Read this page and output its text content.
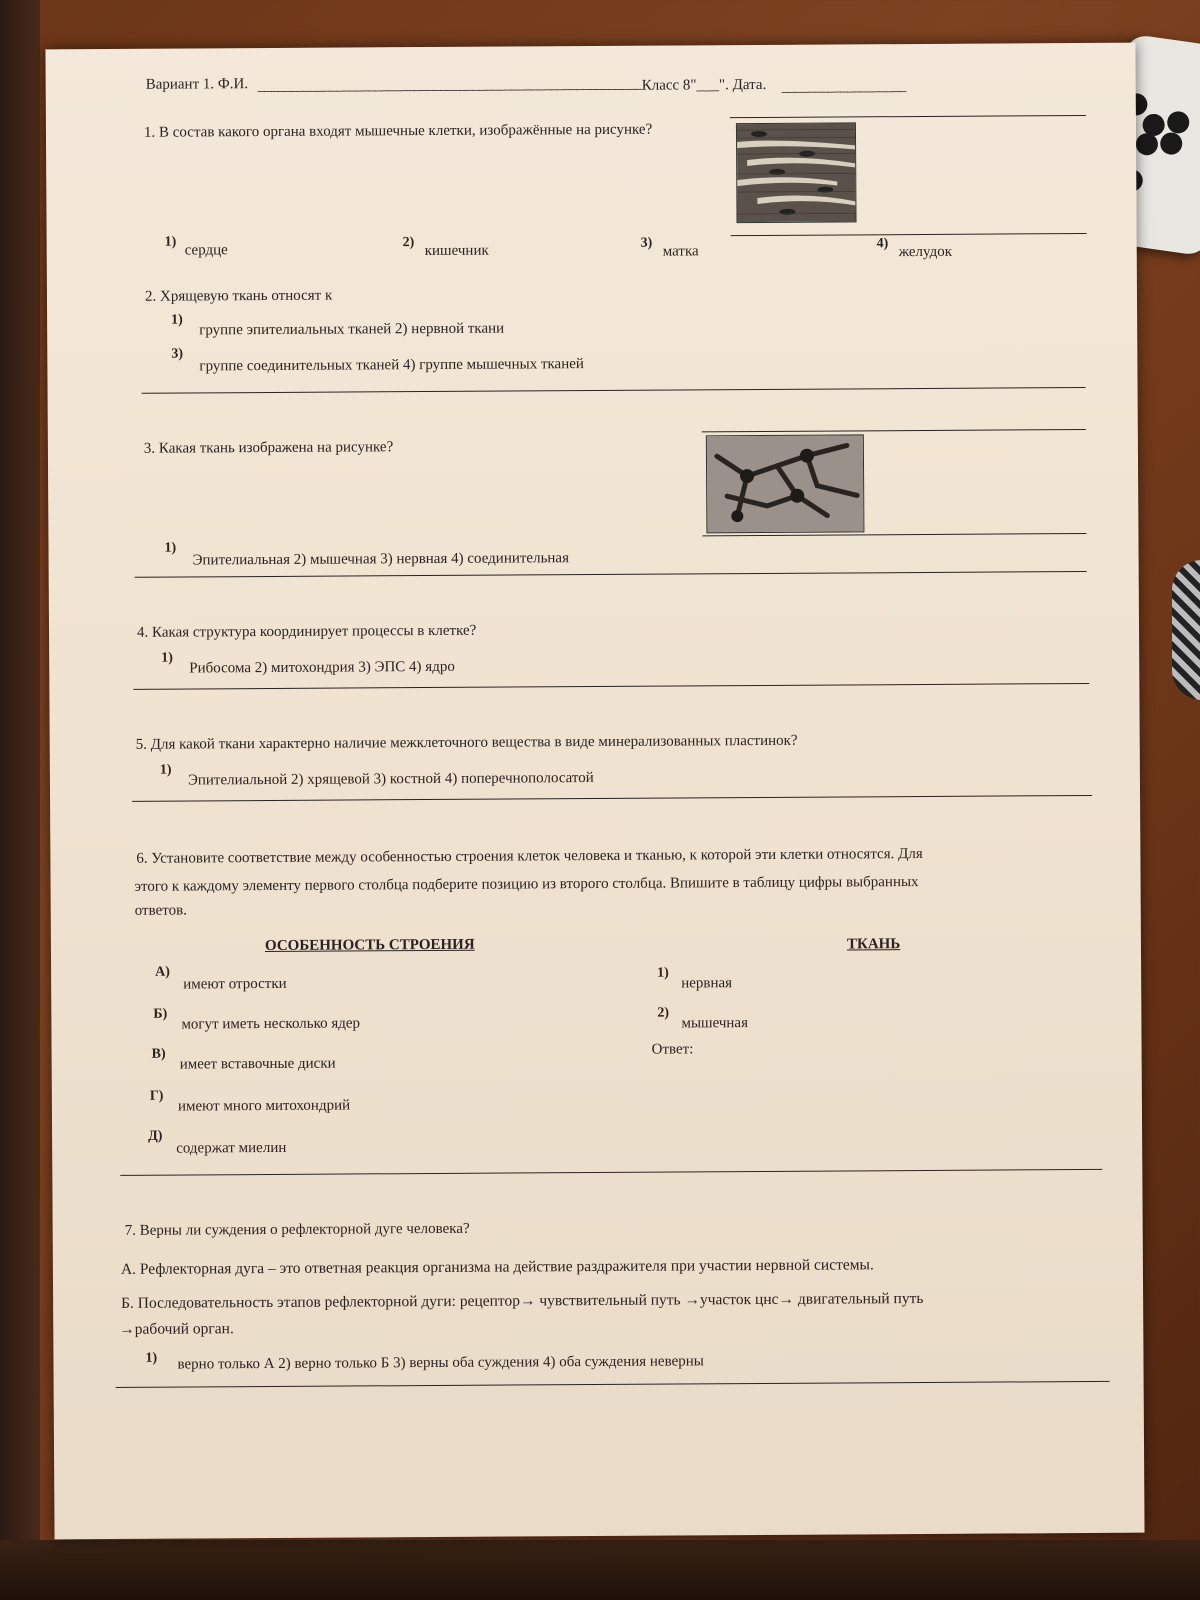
Вариант 1. Ф.И. ___________________________________________________________ Класс 8"___". Дата. ___________________
1. В состав какого органа входят мышечные клетки, изображённые на рисунке?
1)
сердце	2)
кишечник	3)
матка	4)
желудок
2. Хрящевую ткань относят к
1)
группе эпителиальных тканей 2) нервной ткани
3)
группе соединительных тканей 4) группе мышечных тканей
3. Какая ткань изображена на рисунке?
1)
Эпителиальная 2) мышечная 3) нервная 4) соединительная
4. Какая структура координирует процессы в клетке?
1)
Рибосома 2) митохондрия 3) ЭПС 4) ядро
5. Для какой ткани характерно наличие межклеточного вещества в виде минерализованных пластинок?
1) Эпителиальной 2) хрящевой 3) костной 4) поперечнополосатой
6. Установите соответствие между особенностью строения клеток человека и тканью, к которой эти клетки относятся. Для
этого к каждому элементу первого столбца подберите позицию из второго столбца. Впишите в таблицу цифры выбранных
ответов.
ОСОБЕННОСТЬ СТРОЕНИЯ	ТКАНЬ
А)
имеют отростки
Б)
могут иметь несколько ядер
В)
имеет вставочные диски
Г)
имеют много митохондрий
Д)
содержат миелин
1)
нервная
2)
мышечная
Ответ:
7. Верны ли суждения о рефлекторной дуге человека?
А. Рефлекторная дуга – это ответная реакция организма на действие раздражителя при участии нервной системы.
Б. Последовательность этапов рефлекторной дуги: рецептор→ чувствительный путь →участок цнс→ двигательный путь
→рабочий орган.
1) верно только А 2) верно только Б 3) верны оба суждения 4) оба суждения неверны
